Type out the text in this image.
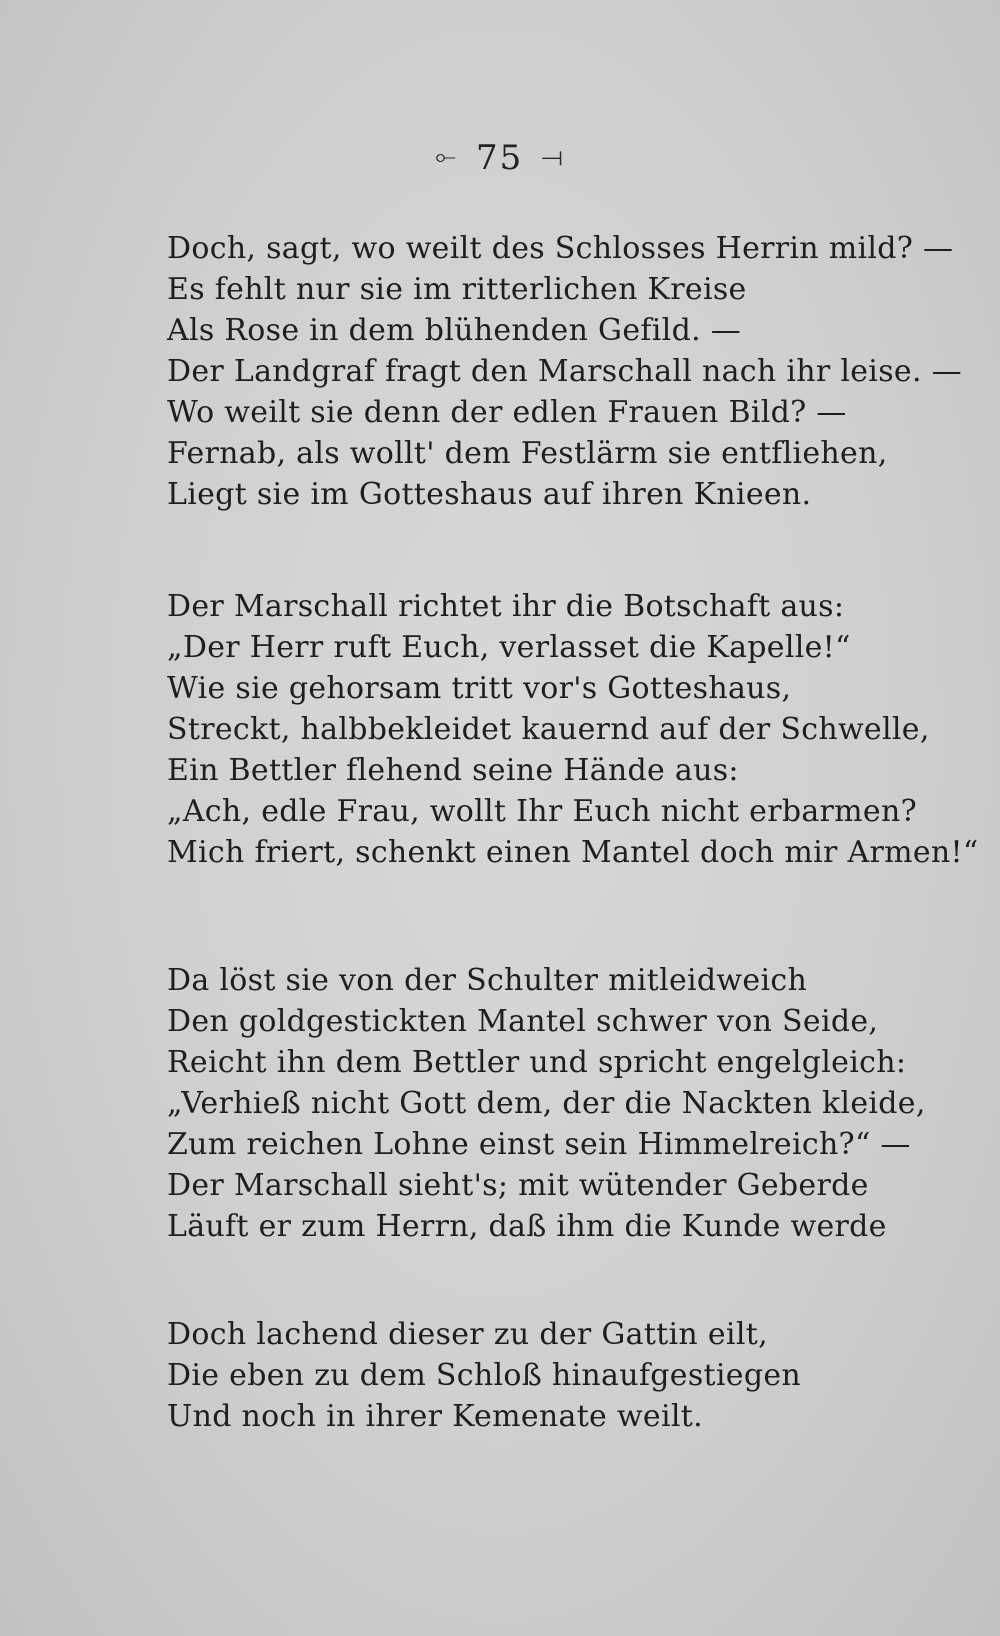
⟜ 75 ⟞
Doch, sagt, wo weilt des Schlosses Herrin mild? —
Es fehlt nur sie im ritterlichen Kreise
Als Rose in dem blühenden Gefild. —
Der Landgraf fragt den Marschall nach ihr leise. —
Wo weilt sie denn der edlen Frauen Bild? —
Fernab, als wollt' dem Festlärm sie entfliehen,
Liegt sie im Gotteshaus auf ihren Knieen.
Der Marschall richtet ihr die Botschaft aus:
„Der Herr ruft Euch, verlasset die Kapelle!“
Wie sie gehorsam tritt vor's Gotteshaus,
Streckt, halbbekleidet kauernd auf der Schwelle,
Ein Bettler flehend seine Hände aus:
„Ach, edle Frau, wollt Ihr Euch nicht erbarmen?
Mich friert, schenkt einen Mantel doch mir Armen!“
Da löst sie von der Schulter mitleidweich
Den goldgestickten Mantel schwer von Seide,
Reicht ihn dem Bettler und spricht engelgleich:
„Verhieß nicht Gott dem, der die Nackten kleide,
Zum reichen Lohne einst sein Himmelreich?“ —
Der Marschall sieht's; mit wütender Geberde
Läuft er zum Herrn, daß ihm die Kunde werde
Doch lachend dieser zu der Gattin eilt,
Die eben zu dem Schloß hinaufgestiegen
Und noch in ihrer Kemenate weilt.
